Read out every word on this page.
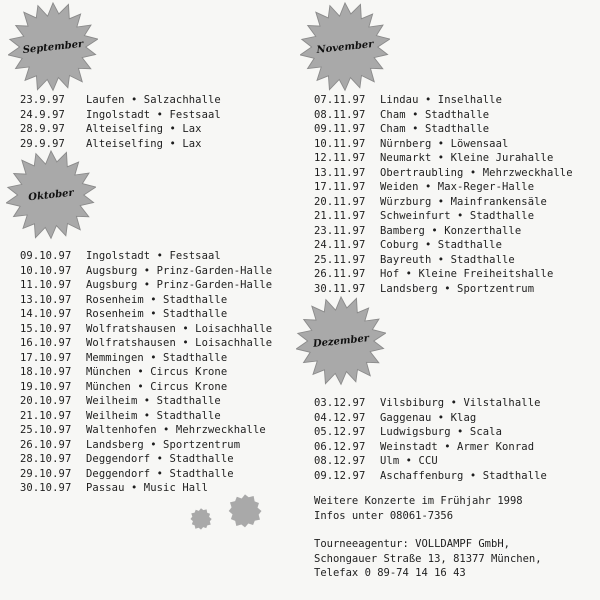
September
Oktober
November
Dezember
23.9.97	Laufen • Salzachhalle
24.9.97	Ingolstadt • Festsaal
28.9.97	Alteiselfing • Lax
29.9.97	Alteiselfing • Lax
09.10.97	Ingolstadt • Festsaal
10.10.97	Augsburg • Prinz-Garden-Halle
11.10.97	Augsburg • Prinz-Garden-Halle
13.10.97	Rosenheim • Stadthalle
14.10.97	Rosenheim • Stadthalle
15.10.97	Wolfratshausen • Loisachhalle
16.10.97	Wolfratshausen • Loisachhalle
17.10.97	Memmingen • Stadthalle
18.10.97	München • Circus Krone
19.10.97	München • Circus Krone
20.10.97	Weilheim • Stadthalle
21.10.97	Weilheim • Stadthalle
25.10.97	Waltenhofen • Mehrzweckhalle
26.10.97	Landsberg • Sportzentrum
28.10.97	Deggendorf • Stadthalle
29.10.97	Deggendorf • Stadthalle
30.10.97	Passau • Music Hall
07.11.97	Lindau • Inselhalle
08.11.97	Cham • Stadthalle
09.11.97	Cham • Stadthalle
10.11.97	Nürnberg • Löwensaal
12.11.97	Neumarkt • Kleine Jurahalle
13.11.97	Obertraubling • Mehrzweckhalle
17.11.97	Weiden • Max-Reger-Halle
20.11.97	Würzburg • Mainfrankensäle
21.11.97	Schweinfurt • Stadthalle
23.11.97	Bamberg • Konzerthalle
24.11.97	Coburg • Stadthalle
25.11.97	Bayreuth • Stadthalle
26.11.97	Hof • Kleine Freiheitshalle
30.11.97	Landsberg • Sportzentrum
03.12.97	Vilsbiburg • Vilstalhalle
04.12.97	Gaggenau • Klag
05.12.97	Ludwigsburg • Scala
06.12.97	Weinstadt • Armer Konrad
08.12.97	Ulm • CCU
09.12.97	Aschaffenburg • Stadthalle
Weitere Konzerte im Frühjahr 1998
Infos unter 08061-7356
Tourneeagentur: VOLLDAMPF GmbH,
Schongauer Straße 13, 81377 München,
Telefax 0 89-74 14 16 43
